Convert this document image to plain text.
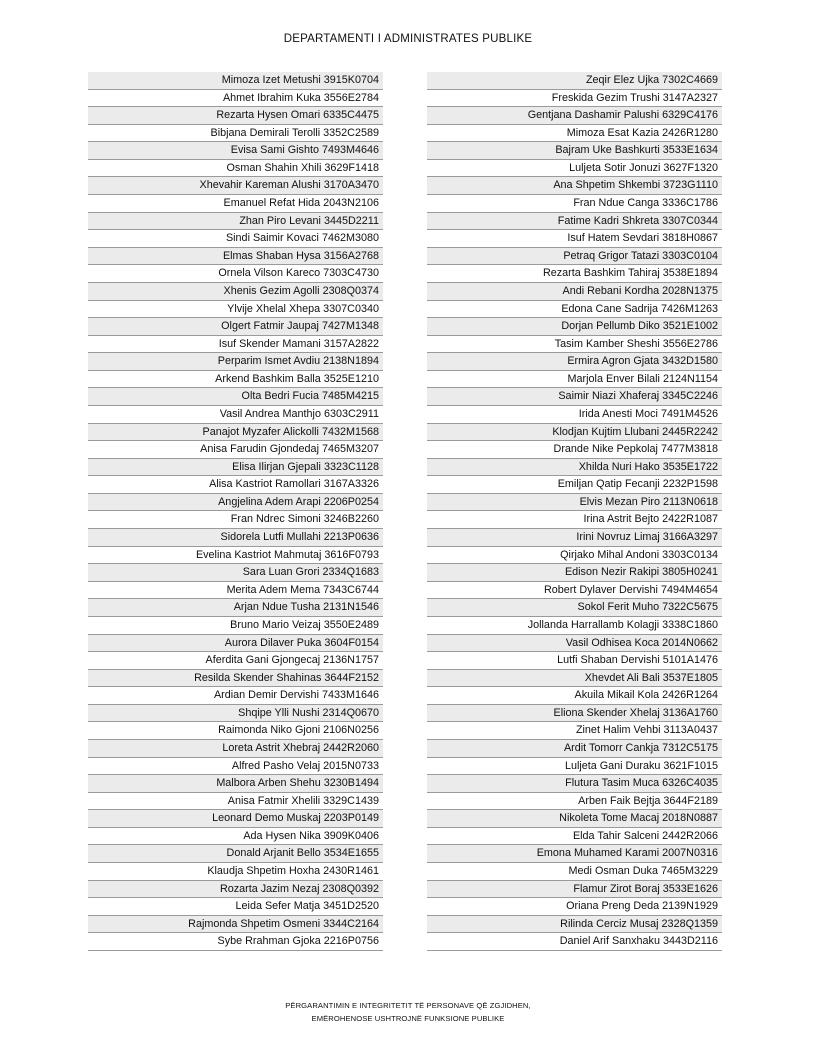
DEPARTAMENTI I ADMINISTRATES PUBLIKE
Mimoza Izet Metushi 3915K0704
Ahmet Ibrahim Kuka 3556E2784
Rezarta Hysen Omari 6335C4475
Bibjana Demirali Terolli 3352C2589
Evisa Sami Gishto 7493M4646
Osman Shahin Xhili 3629F1418
Xhevahir Kareman Alushi 3170A3470
Emanuel Refat Hida 2043N2106
Zhan Piro Levani 3445D2211
Sindi Saimir Kovaci 7462M3080
Elmas Shaban Hysa 3156A2768
Ornela Vilson Kareco 7303C4730
Xhenis Gezim Agolli 2308Q0374
Ylvije Xhelal Xhepa 3307C0340
Olgert Fatmir Jaupaj 7427M1348
Isuf Skender Mamani 3157A2822
Perparim Ismet Avdiu 2138N1894
Arkend Bashkim Balla 3525E1210
Olta Bedri Fucia 7485M4215
Vasil Andrea Manthjo 6303C2911
Panajot Myzafer Alickolli 7432M1568
Anisa Farudin Gjondedaj 7465M3207
Elisa Ilirjan Gjepali 3323C1128
Alisa Kastriot Ramollari 3167A3326
Angjelina Adem Arapi 2206P0254
Fran Ndrec Simoni 3246B2260
Sidorela Lutfi Mullahi 2213P0636
Evelina Kastriot Mahmutaj 3616F0793
Sara Luan Grori 2334Q1683
Merita Adem Mema 7343C6744
Arjan Ndue Tusha 2131N1546
Bruno Mario Veizaj 3550E2489
Aurora Dilaver Puka 3604F0154
Aferdita Gani Gjongecaj 2136N1757
Resilda Skender Shahinas 3644F2152
Ardian Demir Dervishi 7433M1646
Shqipe Ylli Nushi 2314Q0670
Raimonda Niko Gjoni 2106N0256
Loreta Astrit Xhebraj 2442R2060
Alfred Pasho Velaj 2015N0733
Malbora Arben Shehu 3230B1494
Anisa Fatmir Xhelili 3329C1439
Leonard Demo Muskaj 2203P0149
Ada Hysen Nika 3909K0406
Donald Arjanit Bello 3534E1655
Klaudja Shpetim Hoxha 2430R1461
Rozarta Jazim Nezaj 2308Q0392
Leida Sefer Matja 3451D2520
Rajmonda Shpetim Osmeni 3344C2164
Sybe Rrahman Gjoka 2216P0756
Zeqir Elez Ujka 7302C4669
Freskida Gezim Trushi 3147A2327
Gentjana Dashamir Palushi 6329C4176
Mimoza Esat Kazia 2426R1280
Bajram Uke Bashkurti 3533E1634
Luljeta Sotir Jonuzi 3627F1320
Ana Shpetim Shkembi 3723G1110
Fran Ndue Canga 3336C1786
Fatime Kadri Shkreta 3307C0344
Isuf Hatem Sevdari 3818H0867
Petraq Grigor Tatazi 3303C0104
Rezarta Bashkim Tahiraj 3538E1894
Andi Rebani Kordha 2028N1375
Edona Cane Sadrija 7426M1263
Dorjan Pellumb Diko 3521E1002
Tasim Kamber Sheshi 3556E2786
Ermira Agron Gjata 3432D1580
Marjola Enver Bilali 2124N1154
Saimir Niazi Xhaferaj 3345C2246
Irida Anesti Moci 7491M4526
Klodjan Kujtim Llubani 2445R2242
Drande Nike Pepkolaj 7477M3818
Xhilda Nuri Hako 3535E1722
Emiljan Qatip Fecanji 2232P1598
Elvis Mezan Piro 2113N0618
Irina Astrit Bejto 2422R1087
Irini Novruz Limaj 3166A3297
Qirjako Mihal Andoni 3303C0134
Edison Nezir Rakipi 3805H0241
Robert Dylaver Dervishi 7494M4654
Sokol Ferit Muho 7322C5675
Jollanda Harrallamb Kolagji 3338C1860
Vasil Odhisea Koca 2014N0662
Lutfi Shaban Dervishi 5101A1476
Xhevdet Ali Bali 3537E1805
Akuila Mikail Kola 2426R1264
Eliona Skender Xhelaj 3136A1760
Zinet Halim Vehbi 3113A0437
Ardit Tomorr Cankja 7312C5175
Luljeta Gani Duraku 3621F1015
Flutura Tasim Muca 6326C4035
Arben Faik Bejtja 3644F2189
Nikoleta Tome Macaj 2018N0887
Elda Tahir Salceni 2442R2066
Emona Muhamed Karami 2007N0316
Medi Osman Duka 7465M3229
Flamur Zirot Boraj 3533E1626
Oriana Preng Deda 2139N1929
Rilinda Cerciz Musaj 2328Q1359
Daniel Arif Sanxhaku 3443D2116
PËRGARANTIMIN E INTEGRITETIT TË PERSONAVE QË ZGJIDHEN,
EMËROHENOSE USHTROJNË FUNKSIONE PUBLIKE
